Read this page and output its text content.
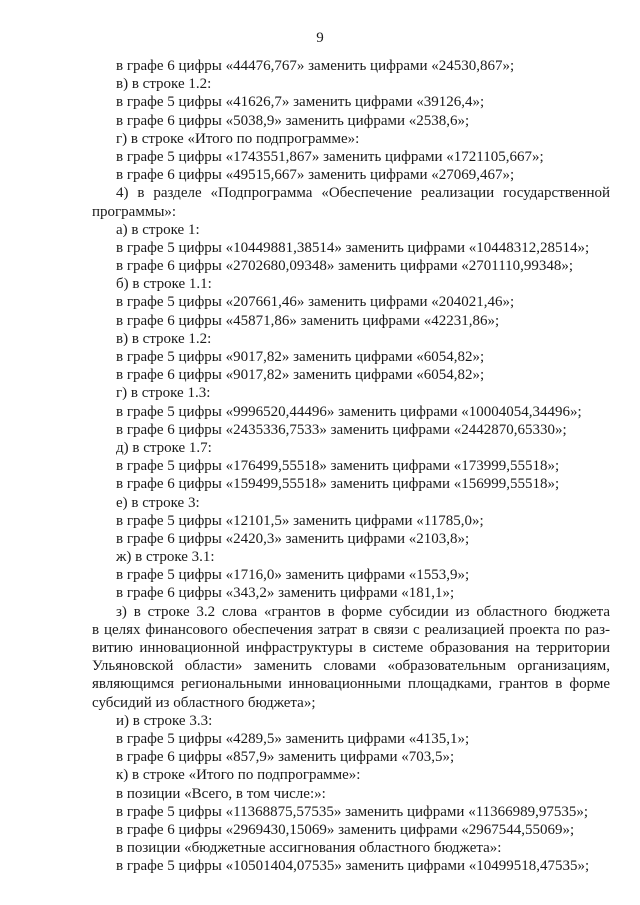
9
в графе 6 цифры «44476,767» заменить цифрами «24530,867»;
в) в строке 1.2:
в графе 5 цифры «41626,7» заменить цифрами «39126,4»;
в графе 6 цифры «5038,9» заменить цифрами «2538,6»;
г) в строке «Итого по подпрограмме»:
в графе 5 цифры «1743551,867» заменить цифрами «1721105,667»;
в графе 6 цифры «49515,667» заменить цифрами «27069,467»;
4) в разделе «Подпрограмма «Обеспечение реализации государственной
программы»:
а) в строке 1:
в графе 5 цифры «10449881,38514» заменить цифрами «10448312,28514»;
в графе 6 цифры «2702680,09348» заменить цифрами «2701110,99348»;
б) в строке 1.1:
в графе 5 цифры «207661,46» заменить цифрами «204021,46»;
в графе 6 цифры «45871,86» заменить цифрами «42231,86»;
в) в строке 1.2:
в графе 5 цифры «9017,82» заменить цифрами «6054,82»;
в графе 6 цифры «9017,82» заменить цифрами «6054,82»;
г) в строке 1.3:
в графе 5 цифры «9996520,44496» заменить цифрами «10004054,34496»;
в графе 6 цифры «2435336,7533» заменить цифрами «2442870,65330»;
д) в строке 1.7:
в графе 5 цифры «176499,55518» заменить цифрами «173999,55518»;
в графе 6 цифры «159499,55518» заменить цифрами «156999,55518»;
е) в строке 3:
в графе 5 цифры «12101,5» заменить цифрами «11785,0»;
в графе 6 цифры «2420,3» заменить цифрами «2103,8»;
ж) в строке 3.1:
в графе 5 цифры «1716,0» заменить цифрами «1553,9»;
в графе 6 цифры «343,2» заменить цифрами «181,1»;
з) в строке 3.2 слова «грантов в форме субсидии из областного бюджета
в целях финансового обеспечения затрат в связи с реализацией проекта по раз-
витию инновационной инфраструктуры в системе образования на территории
Ульяновской области» заменить словами «образовательным организациям,
являющимся региональными инновационными площадками, грантов в форме
субсидий из областного бюджета»;
и) в строке 3.3:
в графе 5 цифры «4289,5» заменить цифрами «4135,1»;
в графе 6 цифры «857,9» заменить цифрами «703,5»;
к) в строке «Итого по подпрограмме»:
в позиции «Всего, в том числе:»:
в графе 5 цифры «11368875,57535» заменить цифрами «11366989,97535»;
в графе 6 цифры «2969430,15069» заменить цифрами «2967544,55069»;
в позиции «бюджетные ассигнования областного бюджета»:
в графе 5 цифры «10501404,07535» заменить цифрами «10499518,47535»;
